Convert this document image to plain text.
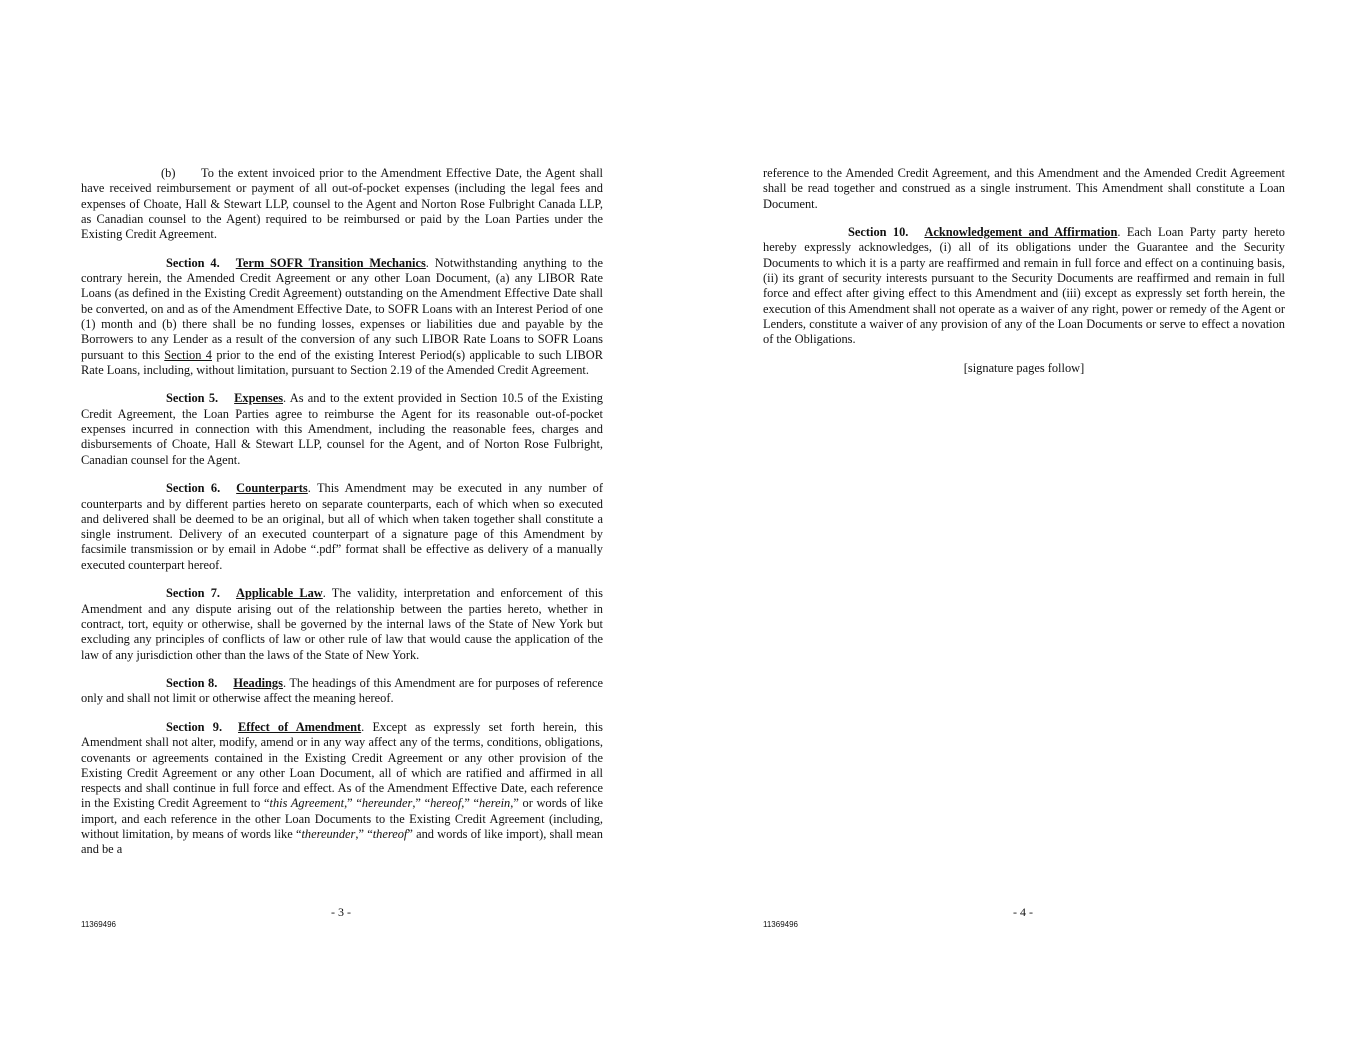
(b) To the extent invoiced prior to the Amendment Effective Date, the Agent shall have received reimbursement or payment of all out-of-pocket expenses (including the legal fees and expenses of Choate, Hall & Stewart LLP, counsel to the Agent and Norton Rose Fulbright Canada LLP, as Canadian counsel to the Agent) required to be reimbursed or paid by the Loan Parties under the Existing Credit Agreement.

Section 4. Term SOFR Transition Mechanics. Notwithstanding anything to the contrary herein, the Amended Credit Agreement or any other Loan Document, (a) any LIBOR Rate Loans (as defined in the Existing Credit Agreement) outstanding on the Amendment Effective Date shall be converted, on and as of the Amendment Effective Date, to SOFR Loans with an Interest Period of one (1) month and (b) there shall be no funding losses, expenses or liabilities due and payable by the Borrowers to any Lender as a result of the conversion of any such LIBOR Rate Loans to SOFR Loans pursuant to this Section 4 prior to the end of the existing Interest Period(s) applicable to such LIBOR Rate Loans, including, without limitation, pursuant to Section 2.19 of the Amended Credit Agreement.

Section 5. Expenses. As and to the extent provided in Section 10.5 of the Existing Credit Agreement, the Loan Parties agree to reimburse the Agent for its reasonable out-of-pocket expenses incurred in connection with this Amendment, including the reasonable fees, charges and disbursements of Choate, Hall & Stewart LLP, counsel for the Agent, and of Norton Rose Fulbright, Canadian counsel for the Agent.

Section 6. Counterparts. This Amendment may be executed in any number of counterparts and by different parties hereto on separate counterparts, each of which when so executed and delivered shall be deemed to be an original, but all of which when taken together shall constitute a single instrument. Delivery of an executed counterpart of a signature page of this Amendment by facsimile transmission or by email in Adobe “.pdf” format shall be effective as delivery of a manually executed counterpart hereof.

Section 7. Applicable Law. The validity, interpretation and enforcement of this Amendment and any dispute arising out of the relationship between the parties hereto, whether in contract, tort, equity or otherwise, shall be governed by the internal laws of the State of New York but excluding any principles of conflicts of law or other rule of law that would cause the application of the law of any jurisdiction other than the laws of the State of New York.

Section 8. Headings. The headings of this Amendment are for purposes of reference only and shall not limit or otherwise affect the meaning hereof.

Section 9. Effect of Amendment. Except as expressly set forth herein, this Amendment shall not alter, modify, amend or in any way affect any of the terms, conditions, obligations, covenants or agreements contained in the Existing Credit Agreement or any other provision of the Existing Credit Agreement or any other Loan Document, all of which are ratified and affirmed in all respects and shall continue in full force and effect. As of the Amendment Effective Date, each reference in the Existing Credit Agreement to “this Agreement,” “hereunder,” “hereof,” “herein,” or words of like import, and each reference in the other Loan Documents to the Existing Credit Agreement (including, without limitation, by means of words like “thereunder,” “thereof” and words of like import), shall mean and be a

- 3 -
11369496

reference to the Amended Credit Agreement, and this Amendment and the Amended Credit Agreement shall be read together and construed as a single instrument. This Amendment shall constitute a Loan Document.

Section 10. Acknowledgement and Affirmation. Each Loan Party party hereto hereby expressly acknowledges, (i) all of its obligations under the Guarantee and the Security Documents to which it is a party are reaffirmed and remain in full force and effect on a continuing basis, (ii) its grant of security interests pursuant to the Security Documents are reaffirmed and remain in full force and effect after giving effect to this Amendment and (iii) except as expressly set forth herein, the execution of this Amendment shall not operate as a waiver of any right, power or remedy of the Agent or Lenders, constitute a waiver of any provision of any of the Loan Documents or serve to effect a novation of the Obligations.

[signature pages follow]

- 4 -
11369496
